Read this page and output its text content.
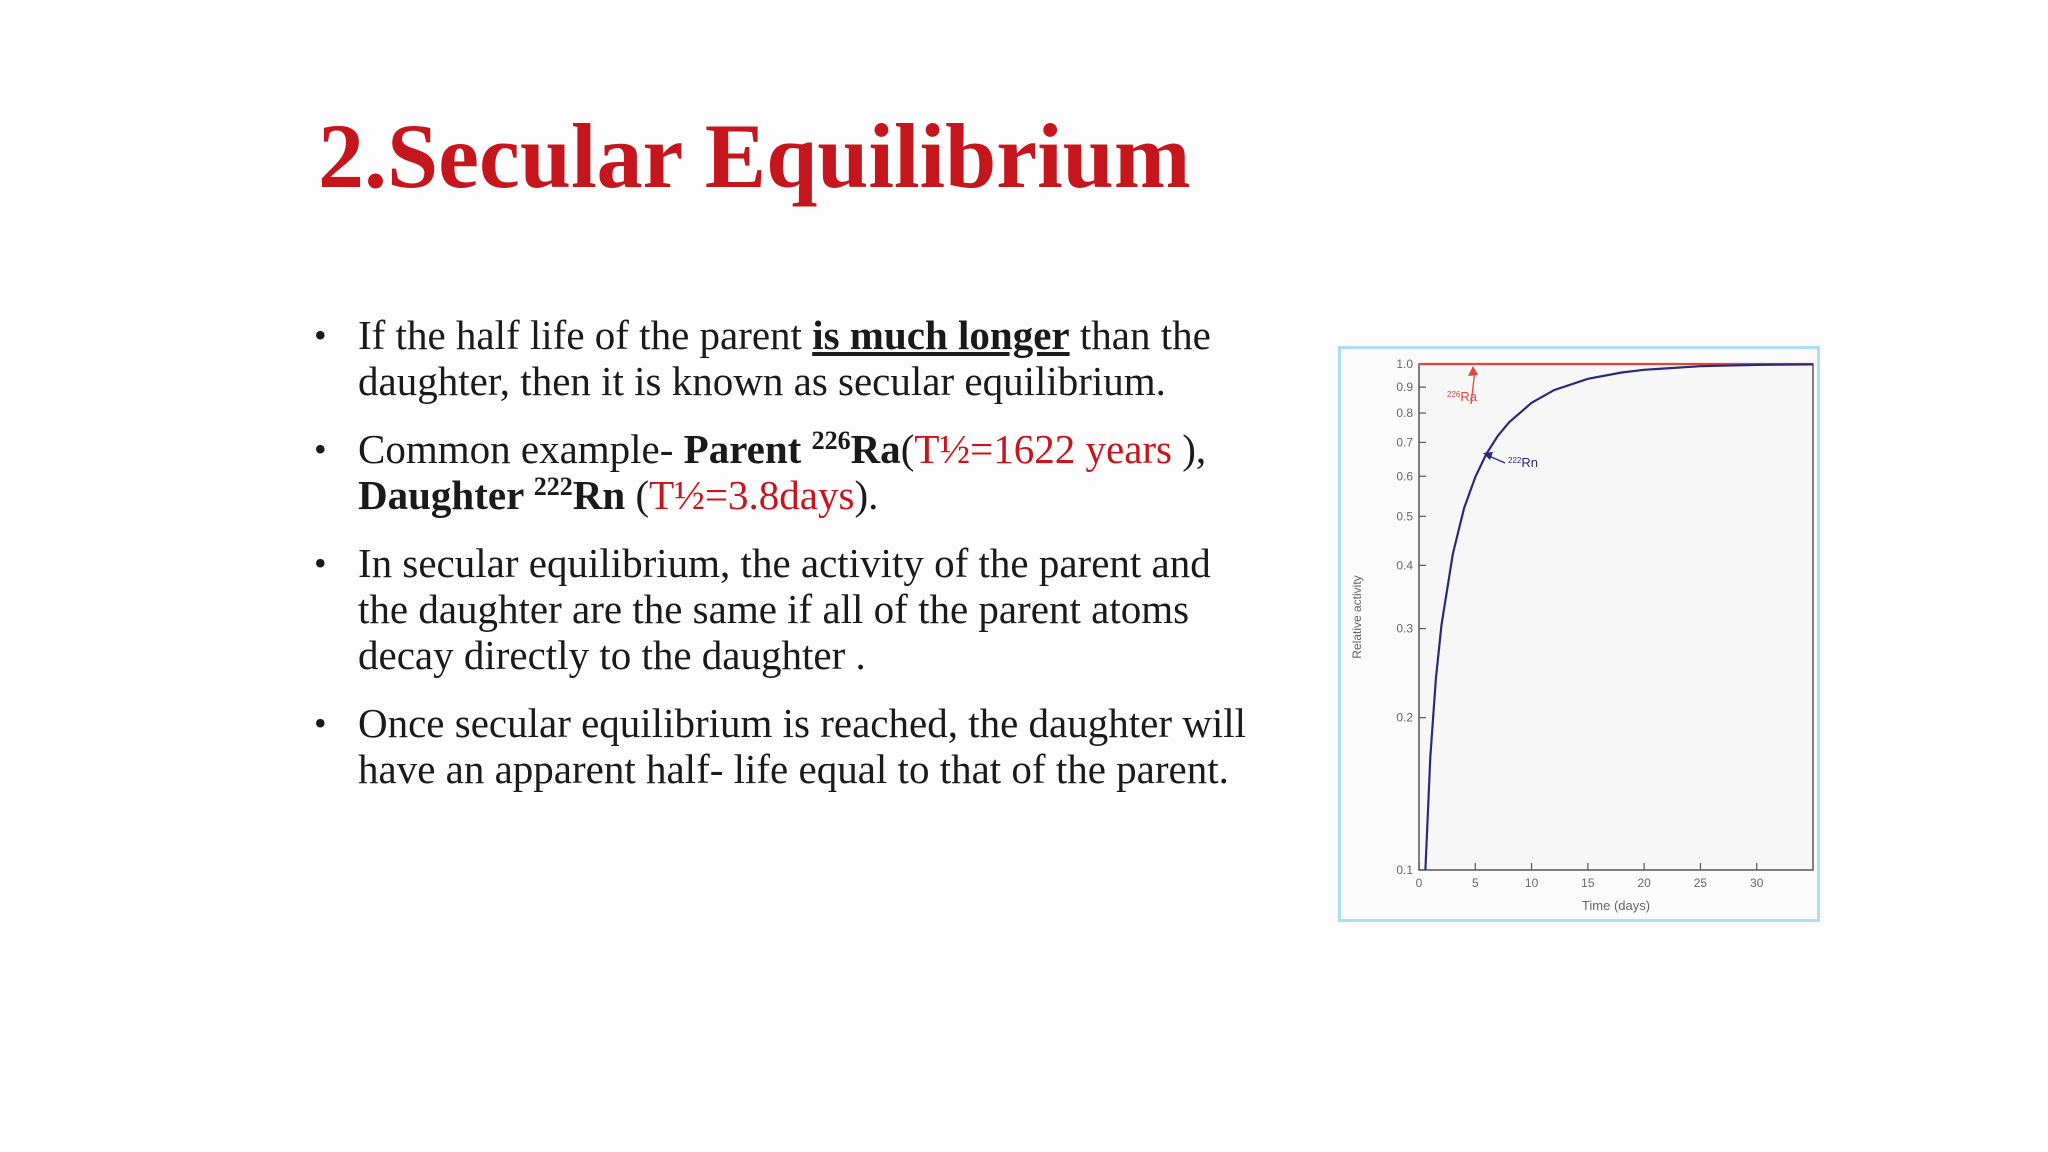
2.Secular Equilibrium
• If the half life of the parent is much longer than the daughter, then it is known as secular equilibrium.
• Common example- Parent $^{226}$Ra(T½=1622 years ), Daughter $^{222}$Rn (T½=3.8days).
• In secular equilibrium, the activity of the parent and the daughter are the same if all of the parent atoms decay directly to the daughter .
• Once secular equilibrium is reached, the daughter will have an apparent half- life equal to that of the parent.
0.1
0.2
0.3
0.4
0.5
0.6
0.7
0.8
0.9
1.0
0	5	10	15	20	25	30
Time (days)
Relative activity
$^{226}$Ra
$^{222}$Rn
